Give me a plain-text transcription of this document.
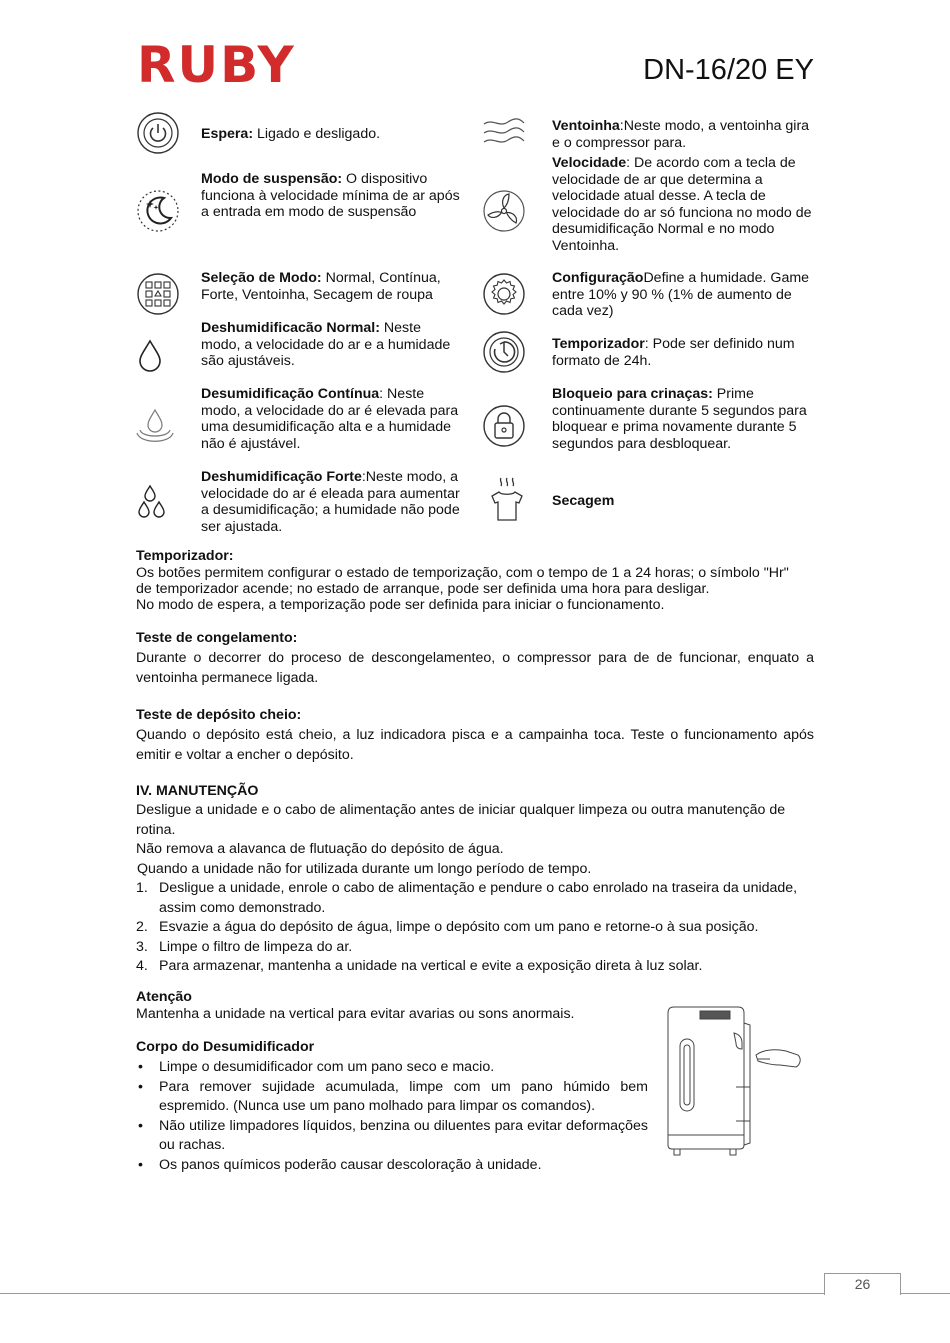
RUBY	DN-16/20 EY
Espera: Ligado e desligado.
Modo de suspensão: O dispositivo funciona à velocidade mínima de ar após a entrada em modo de suspensão
Seleção de Modo: Normal, Contínua, Forte, Ventoinha, Secagem de roupa
Deshumidificacão Normal: Neste modo, a velocidade do ar e a humidade são ajustáveis.
Desumidificação Contínua: Neste modo, a velocidade do ar é elevada para uma desumidificação alta e a humidade não é ajustável.
Deshumidificação Forte:Neste modo, a velocidade do ar é eleada para aumentar a desumidificação; a humidade não pode ser ajustada.
Ventoinha:Neste modo, a ventoinha gira e o compressor para.
Velocidade: De acordo com a tecla de velocidade de ar que determina a velocidade atual desse. A tecla de velocidade do ar só funciona no modo de desumidificação Normal e no modo Ventoinha.
ConfiguraçãoDefine a humidade. Game entre 10% y 90 % (1% de aumento de cada vez)
Temporizador: Pode ser definido num formato de 24h.
Bloqueio para crinaças: Prime continuamente durante 5 segundos para bloquear e prima novamente durante 5 segundos para desbloquear.
Secagem
Temporizador:
Os botões permitem configurar o estado de temporização, com o tempo de 1 a 24 horas; o símbolo "Hr"
de temporizador acende; no estado de arranque, pode ser definida uma hora para desligar.
No modo de espera, a temporização pode ser definida para iniciar o funcionamento.
Teste de congelamento:
Durante o decorrer do proceso de descongelamenteo, o compressor para de de funcionar, enquato a ventoinha permanece ligada.
Teste de depósito cheio:
Quando o depósito está cheio, a luz indicadora pisca e a campainha toca. Teste o funcionamento após emitir e voltar a encher o depósito.
IV. MANUTENÇÃO
Desligue a unidade e o cabo de alimentação antes de iniciar qualquer limpeza ou outra manutenção de rotina.
Não remova a alavanca de flutuação do depósito de água.
Quando a unidade não for utilizada durante um longo período de tempo.
1. Desligue a unidade, enrole o cabo de alimentação e pendure o cabo enrolado na traseira da unidade, assim como demonstrado.
2. Esvazie a água do depósito de água, limpe o depósito com um pano e retorne-o à sua posição.
3. Limpe o filtro de limpeza do ar.
4. Para armazenar, mantenha a unidade na vertical e evite a exposição direta à luz solar.
Atenção
Mantenha a unidade na vertical para evitar avarias ou sons anormais.
Corpo do Desumidificador
• Limpe o desumidificador com um pano seco e macio.
• Para remover sujidade acumulada, limpe com um pano húmido bem espremido. (Nunca use um pano molhado para limpar os comandos).
• Não utilize limpadores líquidos, benzina ou diluentes para evitar deformações ou rachas.
• Os panos químicos poderão causar descoloração à unidade.
26
